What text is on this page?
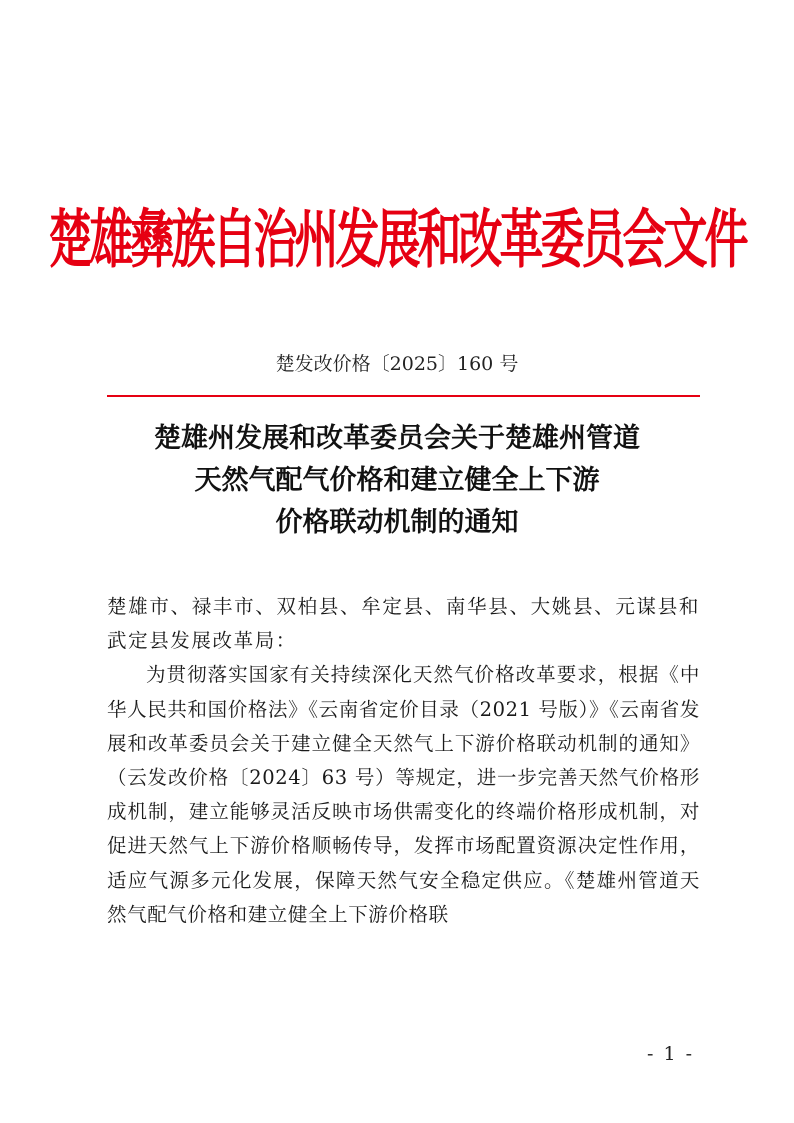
楚雄彝族自治州发展和改革委员会文件
楚发改价格〔2025〕160 号
楚雄州发展和改革委员会关于楚雄州管道
天然气配气价格和建立健全上下游
价格联动机制的通知

楚雄市、禄丰市、双柏县、牟定县、南华县、大姚县、元谋县和武定县发展改革局：

为贯彻落实国家有关持续深化天然气价格改革要求，根据《中华人民共和国价格法》《云南省定价目录（2021 号版）》《云南省发展和改革委员会关于建立健全天然气上下游价格联动机制的通知》（云发改价格〔2024〕63 号）等规定，进一步完善天然气价格形成机制，建立能够灵活反映市场供需变化的终端价格形成机制，对促进天然气上下游价格顺畅传导，发挥市场配置资源决定性作用，适应气源多元化发展，保障天然气安全稳定供应。《楚雄州管道天然气配气价格和建立健全上下游价格联

- 1 -
